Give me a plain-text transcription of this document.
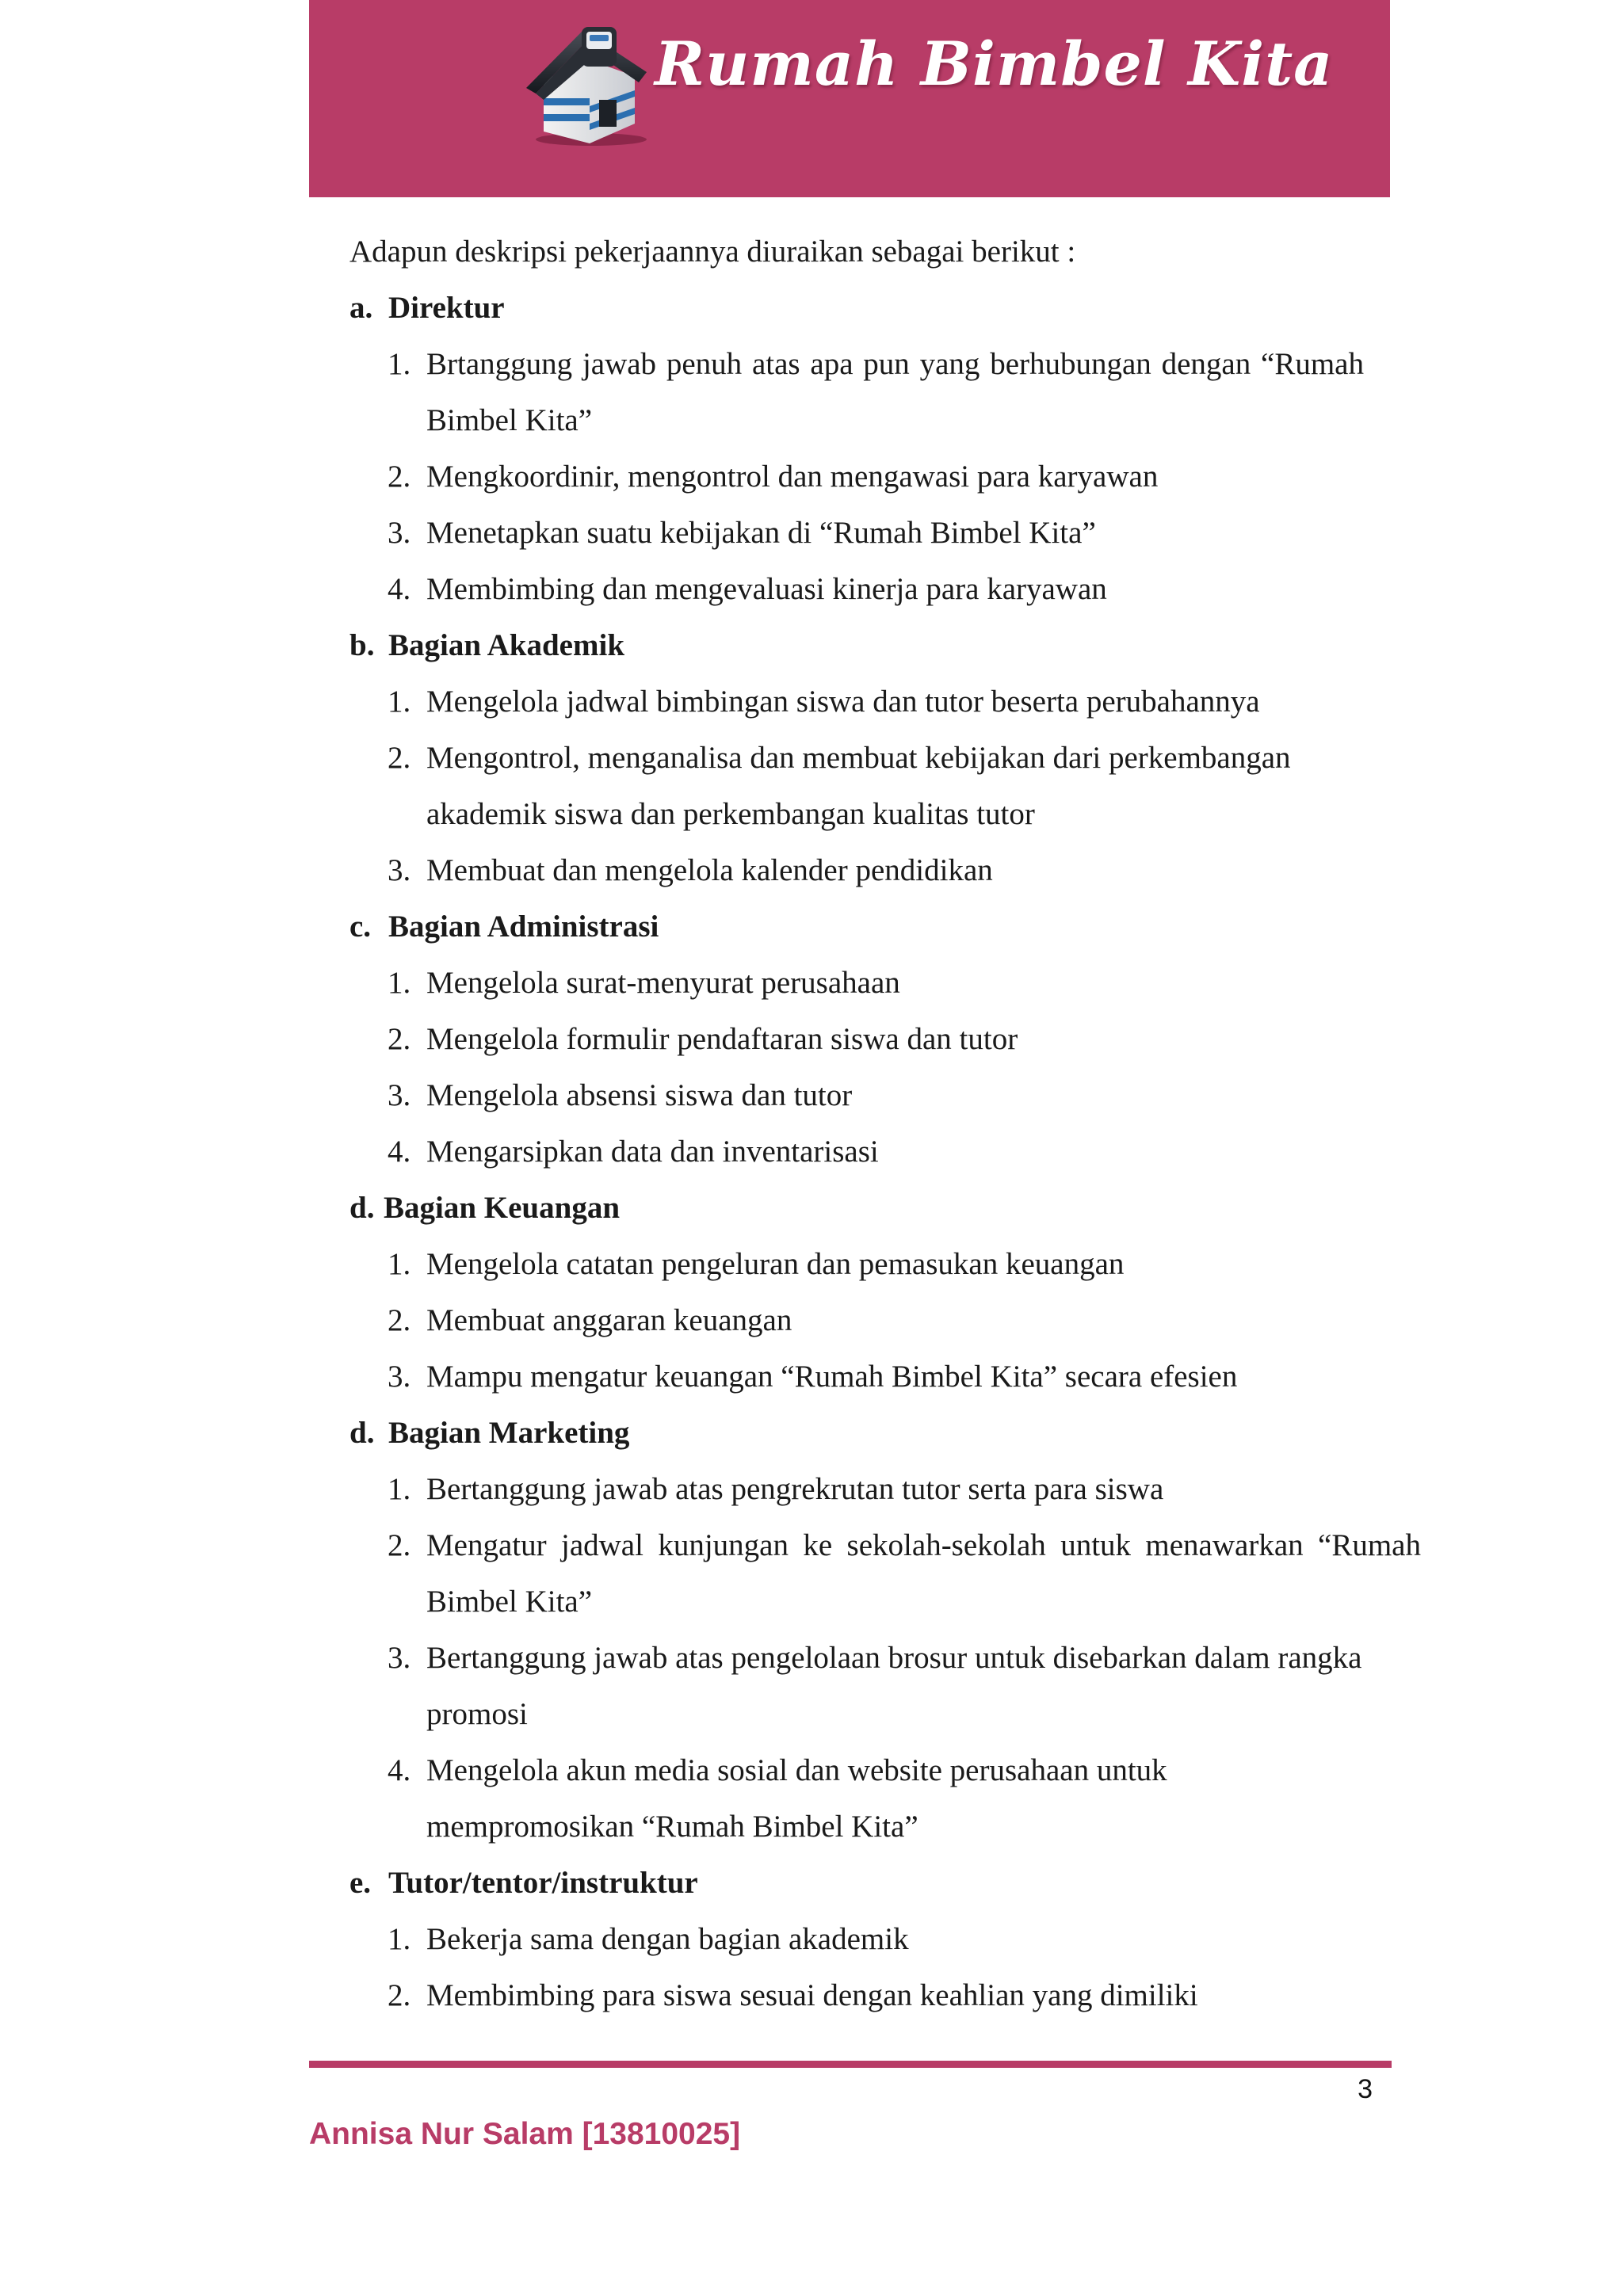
Rumah Bimbel Kita

Adapun deskripsi pekerjaannya diuraikan sebagai berikut :

a. Direktur

1. Brtanggung jawab penuh atas apa pun yang berhubungan dengan “Rumah Bimbel Kita”
2. Mengkoordinir, mengontrol dan mengawasi para karyawan
3. Menetapkan suatu kebijakan di “Rumah Bimbel Kita”
4. Membimbing dan mengevaluasi kinerja para karyawan

b. Bagian Akademik

1. Mengelola jadwal bimbingan siswa dan tutor beserta perubahannya
2. Mengontrol, menganalisa dan membuat kebijakan dari perkembangan akademik siswa dan perkembangan kualitas tutor
3. Membuat dan mengelola kalender pendidikan

c. Bagian Administrasi

1. Mengelola surat-menyurat perusahaan
2. Mengelola formulir pendaftaran siswa dan tutor
3. Mengelola absensi siswa dan tutor
4. Mengarsipkan data dan inventarisasi

d. Bagian Keuangan

1. Mengelola catatan pengeluran dan pemasukan keuangan
2. Membuat anggaran keuangan
3. Mampu mengatur keuangan “Rumah Bimbel Kita” secara efesien

d. Bagian Marketing

1. Bertanggung jawab atas pengrekrutan tutor serta para siswa
2. Mengatur jadwal kunjungan ke sekolah-sekolah untuk menawarkan “Rumah Bimbel Kita”
3. Bertanggung jawab atas pengelolaan brosur untuk disebarkan dalam rangka promosi
4. Mengelola akun media sosial dan website perusahaan untuk mempromosikan “Rumah Bimbel Kita”

e. Tutor/tentor/instruktur

1. Bekerja sama dengan bagian akademik
2. Membimbing para siswa sesuai dengan keahlian yang dimiliki
3
Annisa Nur Salam [13810025]
